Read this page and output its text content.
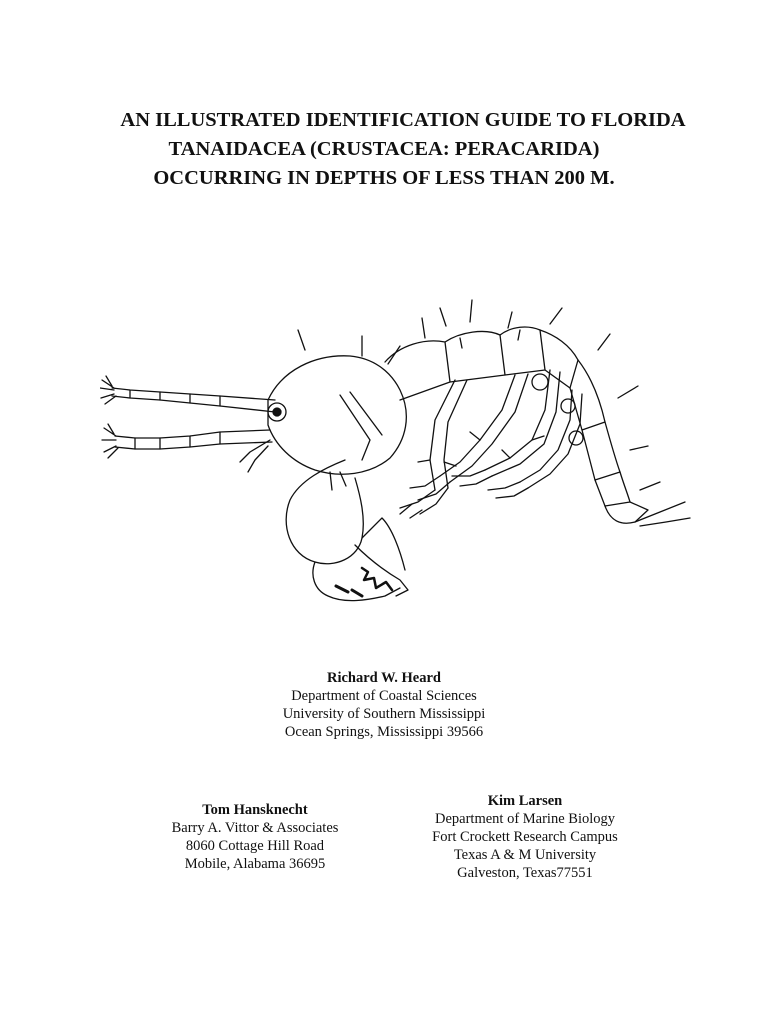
AN ILLUSTRATED IDENTIFICATION GUIDE TO FLORIDA
TANAIDACEA (CRUSTACEA: PERACARIDA)
OCCURRING IN DEPTHS OF LESS THAN 200 M.
Richard W. Heard
Department of Coastal Sciences
University of Southern Mississippi
Ocean Springs, Mississippi 39566
Tom Hansknecht
Barry A. Vittor & Associates
8060 Cottage Hill Road
Mobile, Alabama 36695
Kim Larsen
Department of Marine Biology
Fort Crockett Research Campus
Texas A & M University
Galveston, Texas77551
